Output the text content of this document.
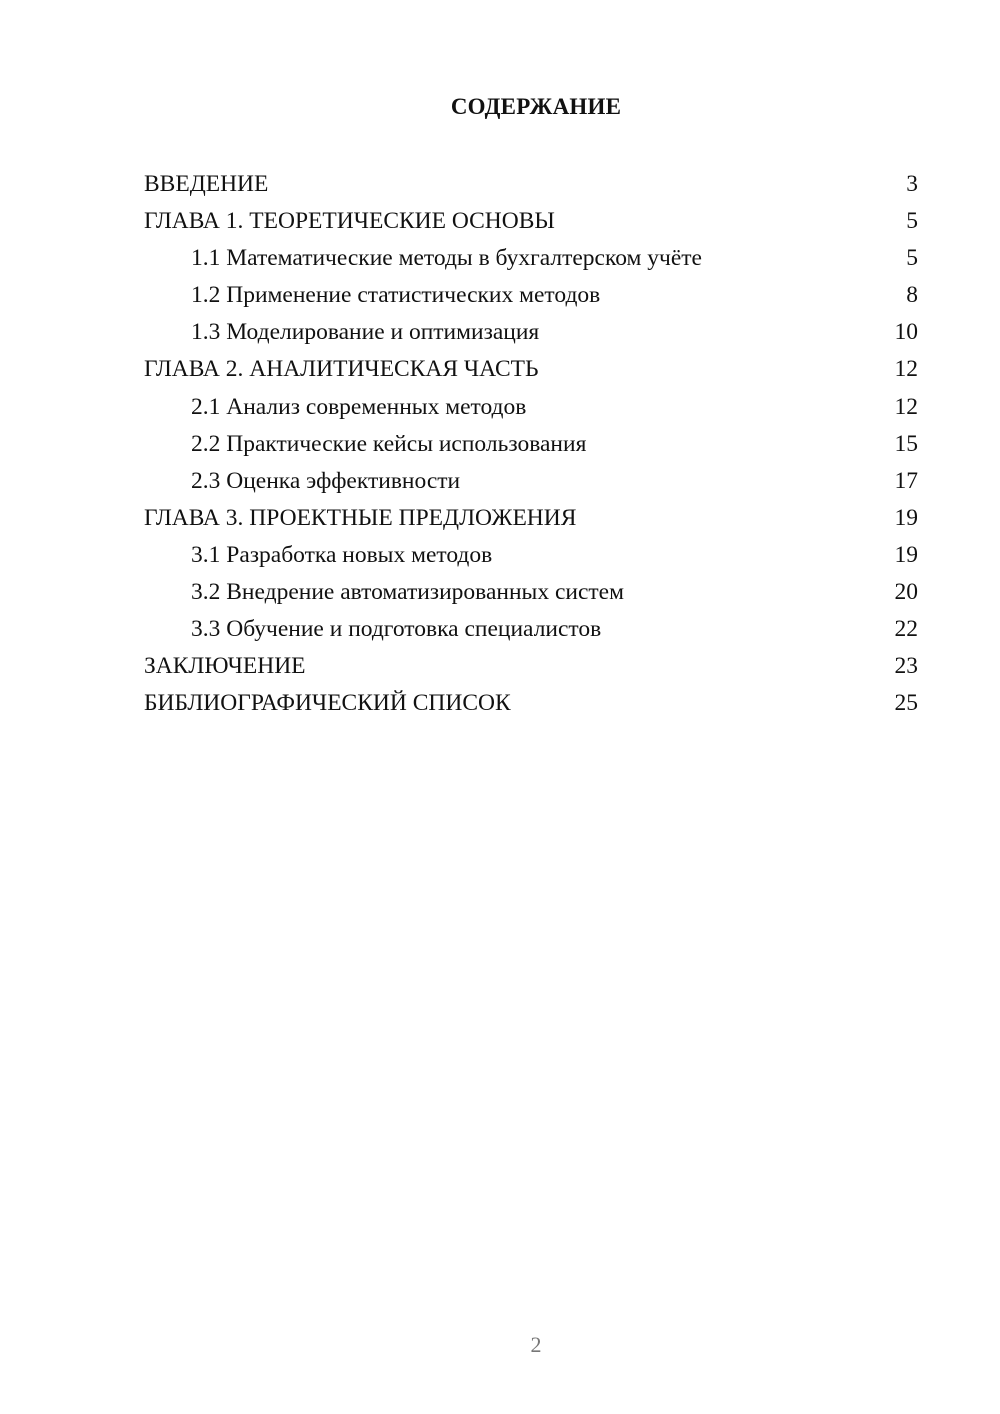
СОДЕРЖАНИЕ
ВВЕДЕНИЕ	3
ГЛАВА 1. ТЕОРЕТИЧЕСКИЕ ОСНОВЫ	5
1.1 Математические методы в бухгалтерском учёте	5
1.2 Применение статистических методов	8
1.3 Моделирование и оптимизация	10
ГЛАВА 2. АНАЛИТИЧЕСКАЯ ЧАСТЬ	12
2.1 Анализ современных методов	12
2.2 Практические кейсы использования	15
2.3 Оценка эффективности	17
ГЛАВА 3. ПРОЕКТНЫЕ ПРЕДЛОЖЕНИЯ	19
3.1 Разработка новых методов	19
3.2 Внедрение автоматизированных систем	20
3.3 Обучение и подготовка специалистов	22
ЗАКЛЮЧЕНИЕ	23
БИБЛИОГРАФИЧЕСКИЙ СПИСОК	25
2
